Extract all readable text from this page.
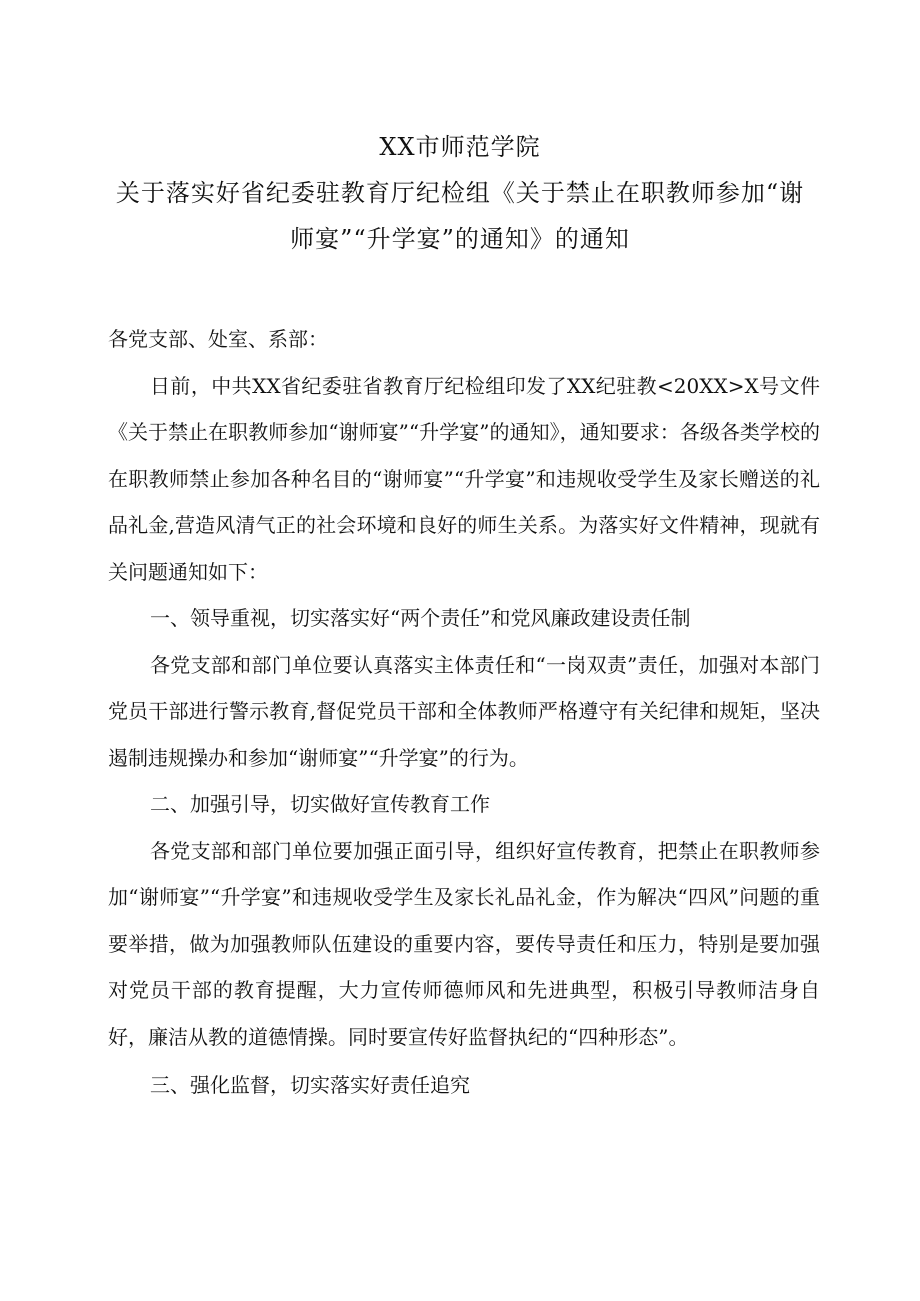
XX市师范学院
关于落实好省纪委驻教育厅纪检组《关于禁止在职教师参加“谢
师宴”“升学宴”的通知》的通知

各党支部、处室、系部：

日前，中共XX省纪委驻省教育厅纪检组印发了XX纪驻教<20XX>X号文件《关于禁止在职教师参加“谢师宴”“升学宴”的通知》，通知要求：各级各类学校的在职教师禁止参加各种名目的“谢师宴”“升学宴”和违规收受学生及家长赠送的礼品礼金,营造风清气正的社会环境和良好的师生关系。为落实好文件精神，现就有关问题通知如下：

一、领导重视，切实落实好“两个责任”和党风廉政建设责任制

各党支部和部门单位要认真落实主体责任和“一岗双责”责任，加强对本部门党员干部进行警示教育,督促党员干部和全体教师严格遵守有关纪律和规矩，坚决遏制违规操办和参加“谢师宴”“升学宴”的行为。

二、加强引导，切实做好宣传教育工作

各党支部和部门单位要加强正面引导，组织好宣传教育，把禁止在职教师参加“谢师宴”“升学宴”和违规收受学生及家长礼品礼金，作为解决“四风”问题的重要举措，做为加强教师队伍建设的重要内容，要传导责任和压力，特别是要加强对党员干部的教育提醒，大力宣传师德师风和先进典型，积极引导教师洁身自好，廉洁从教的道德情操。同时要宣传好监督执纪的“四种形态”。

三、强化监督，切实落实好责任追究
